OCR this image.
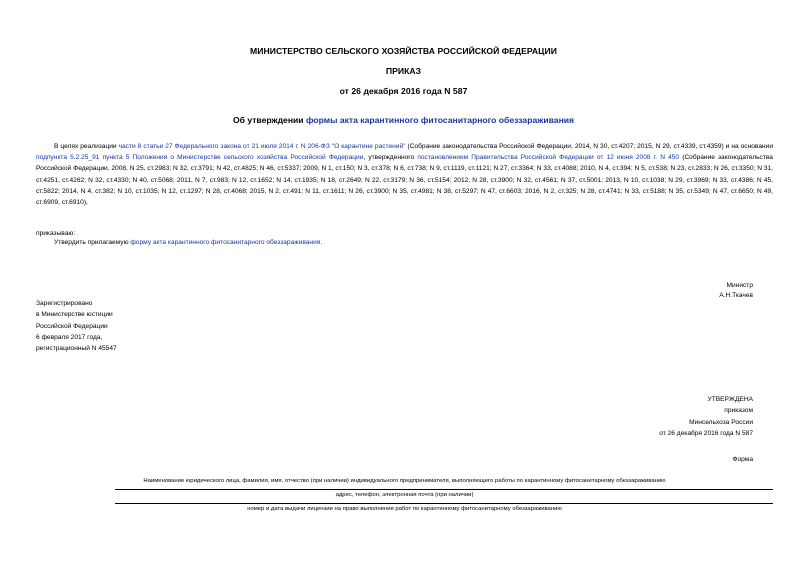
МИНИСТЕРСТВО СЕЛЬСКОГО ХОЗЯЙСТВА РОССИЙСКОЙ ФЕДЕРАЦИИ
ПРИКАЗ
от 26 декабря 2016 года N 587
Об утверждении формы акта карантинного фитосанитарного обеззараживания

В целях реализации части 8 статьи 27 Федерального закона от 21 июля 2014 г. N 206-ФЗ "О карантине растений" (Собрание законодательства Российской Федерации, 2014, N 30, ст.4207; 2015, N 29, ст.4339, ст.4359) и на основании подпункта 5.2.25_91 пункта 5 Положения о Министерстве сельского хозяйства Российской Федерации, утвержденного постановлением Правительства Российской Федерации от 12 июня 2008 г. N 450 (Собрание законодательства Российской Федерации, 2008, N 25, ст.2983; N 32, ст.3791; N 42, ст.4825; N 46, ст.5337; 2009, N 1, ст.150; N 3, ст.378; N 6, ст.738; N 9, ст.1119, ст.1121; N 27, ст.3364; N 33, ст.4088; 2010, N 4, ст.394; N 5, ст.538; N 23, ст.2833; N 26, ст.3350; N 31, ст.4251, ст.4262; N 32, ст.4330; N 40, ст.5068; 2011, N 7, ст.983; N 12, ст.1652; N 14, ст.1935; N 18, ст.2649; N 22, ст.3179; N 36, ст.5154; 2012, N 28, ст.3900; N 32, ст.4561; N 37, ст.5001; 2013, N 10, ст.1038; N 29, ст.3969; N 33, ст.4386; N 45, ст.5822; 2014, N 4, ст.382; N 10, ст.1035; N 12, ст.1297; N 28, ст.4068; 2015, N 2, ст.491; N 11, ст.1611; N 26, ст.3900; N 35, ст.4981; N 38, ст.5297; N 47, ст.6603; 2016, N 2, ст.325; N 28, ст.4741; N 33, ст.5188; N 35, ст.5349; N 47, ст.6650; N 49, ст.6909, ст.6910),

приказываю:
Утвердить прилагаемую форму акта карантинного фитосанитарного обеззараживания.
Министр
А.Н.Ткачев
Зарегистрировано
в Министерстве юстиции
Российской Федерации
6 февраля 2017 года,
регистрационный N 45547
УТВЕРЖДЕНА
приказом
Минсельхоза России
от 26 декабря 2016 года N 587
Форма
Наименование юридического лица, фамилия, имя, отчество (при наличии) индивидуального предпринимателя, выполняющего работы по карантинному фитосанитарному обеззараживанию
адрес, телефон, электронная почта (при наличии)
номер и дата выдачи лицензии на право выполнения работ по карантинному фитосанитарному обеззараживанию
